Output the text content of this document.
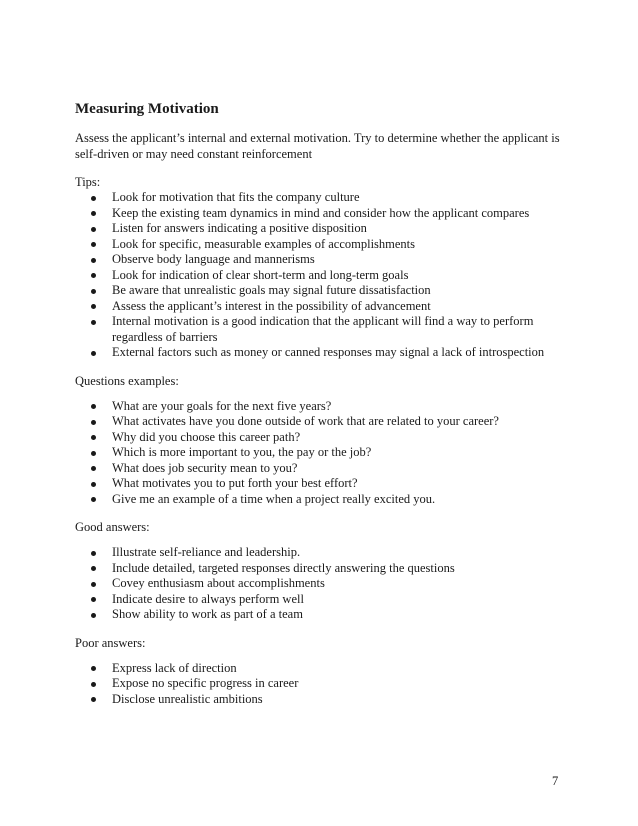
Measuring Motivation

Assess the applicant’s internal and external motivation. Try to determine whether the applicant is self-driven or may need constant reinforcement

Tips:

Look for motivation that fits the company culture
Keep the existing team dynamics in mind and consider how the applicant compares
Listen for answers indicating a positive disposition
Look for specific, measurable examples of accomplishments
Observe body language and mannerisms
Look for indication of clear short-term and long-term goals
Be aware that unrealistic goals may signal future dissatisfaction
Assess the applicant’s interest in the possibility of advancement
Internal motivation is a good indication that the applicant will find a way to perform regardless of barriers
External factors such as money or canned responses may signal a lack of introspection

Questions examples:

What are your goals for the next five years?
What activates have you done outside of work that are related to your career?
Why did you choose this career path?
Which is more important to you, the pay or the job?
What does job security mean to you?
What motivates you to put forth your best effort?
Give me an example of a time when a project really excited you.

Good answers:

Illustrate self-reliance and leadership.
Include detailed, targeted responses directly answering the questions
Covey enthusiasm about accomplishments
Indicate desire to always perform well
Show ability to work as part of a team

Poor answers:

Express lack of direction
Expose no specific progress in career
Disclose unrealistic ambitions
7
